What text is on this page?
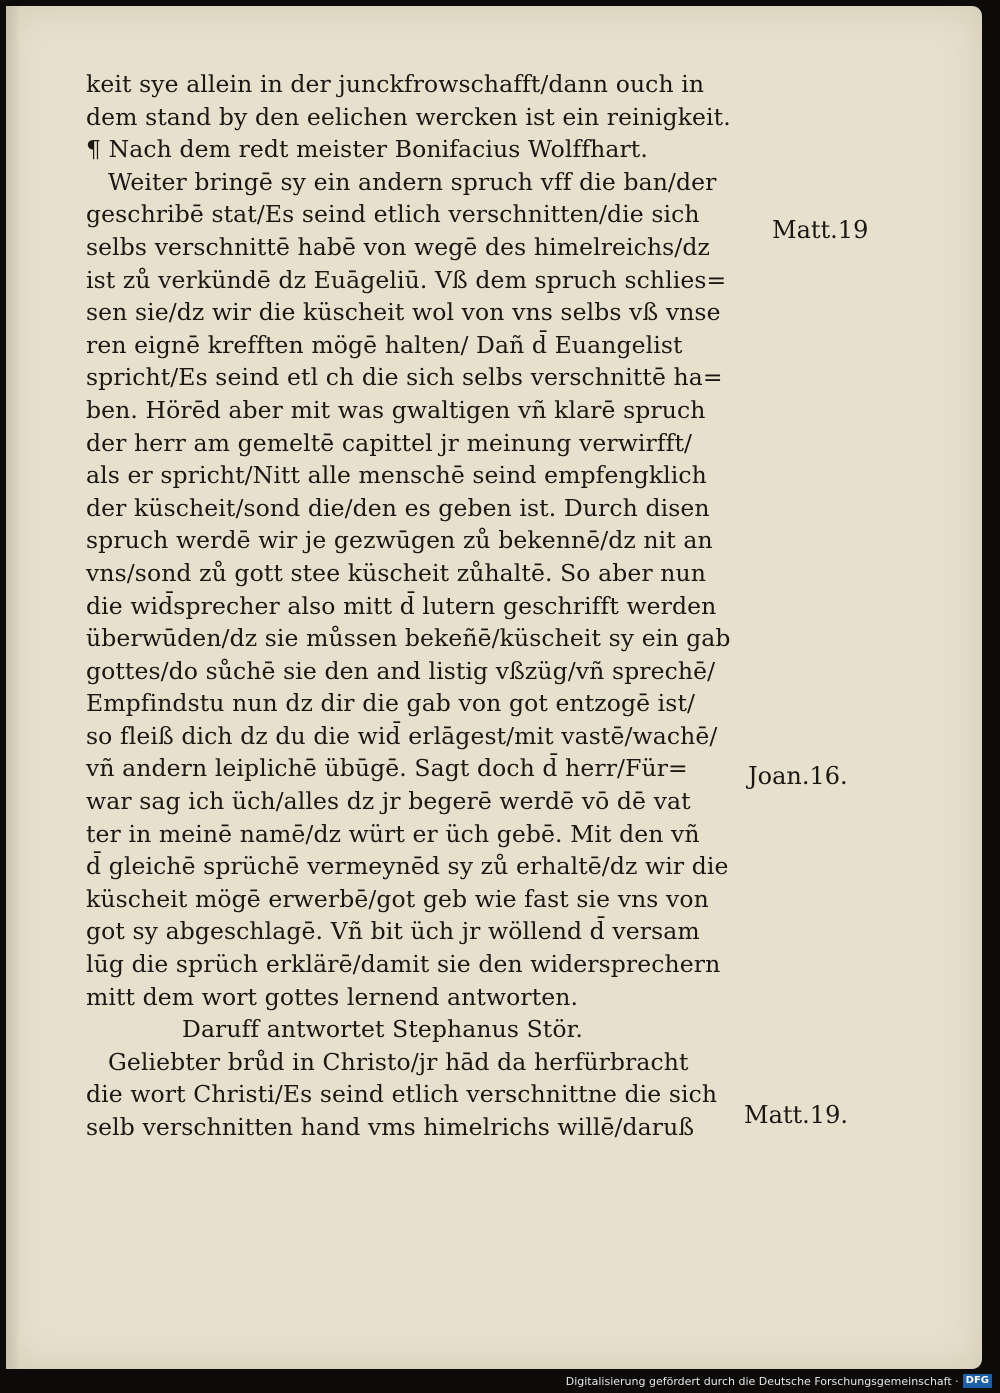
keit sye allein in der junckfrowschafft/dann ouch in
dem stand by den eelichen wercken ist ein reinigkeit.
¶ Nach dem redt meister Bonifacius Wolffhart.
Weiter bringē sy ein andern spruch vff die ban/der
geschribē stat/Es seind etlich verschnitten/die sich
selbs verschnittē habē von wegē des himelreichs/dz
ist zů verkündē dz Euāgeliū. Vß dem spruch schlies=
sen sie/dz wir die küscheit wol von vns selbs vß vnse
ren eignē krefften mögē halten/ Dañ d̄ Euangelist
spricht/Es seind etl ch die sich selbs verschnittē ha=
ben. Hörēd aber mit was gwaltigen vñ klarē spruch
der herr am gemeltē capittel jr meinung verwirfft/
als er spricht/Nitt alle menschē seind empfengklich
der küscheit/sond die/den es geben ist. Durch disen
spruch werdē wir je gezwūgen zů bekennē/dz nit an
vns/sond zů gott stee küscheit zůhaltē. So aber nun
die wid̄sprecher also mitt d̄ lutern geschrifft werden
überwūden/dz sie můssen bekeñē/küscheit sy ein gab
gottes/do sůchē sie den and listig vßzüg/vñ sprechē/
Empfindstu nun dz dir die gab von got entzogē ist/
so fleiß dich dz du die wid̄ erlāgest/mit vastē/wachē/
vñ andern leiplichē übūgē. Sagt doch d̄ herr/Für=
war sag ich üch/alles dz jr begerē werdē vō dē vat
ter in meinē namē/dz würt er üch gebē. Mit den vñ
d̄ gleichē sprüchē vermeynēd sy zů erhaltē/dz wir die
küscheit mögē erwerbē/got geb wie fast sie vns von
got sy abgeschlagē. Vñ bit üch jr wöllend d̄ versam
lūg die sprüch erklärē/damit sie den widersprechern
mitt dem wort gottes lernend antworten.
Daruff antwortet Stephanus Stör.
Geliebter brůd in Christo/jr hād da herfürbracht
die wort Christi/Es seind etlich verschnittne die sich
selb verschnitten hand vms himelrichs willē/daruß
Matt.19
Joan.16.
Matt.19.
Digitalisierung gefördert durch die Deutsche Forschungsgemeinschaft · DFG
